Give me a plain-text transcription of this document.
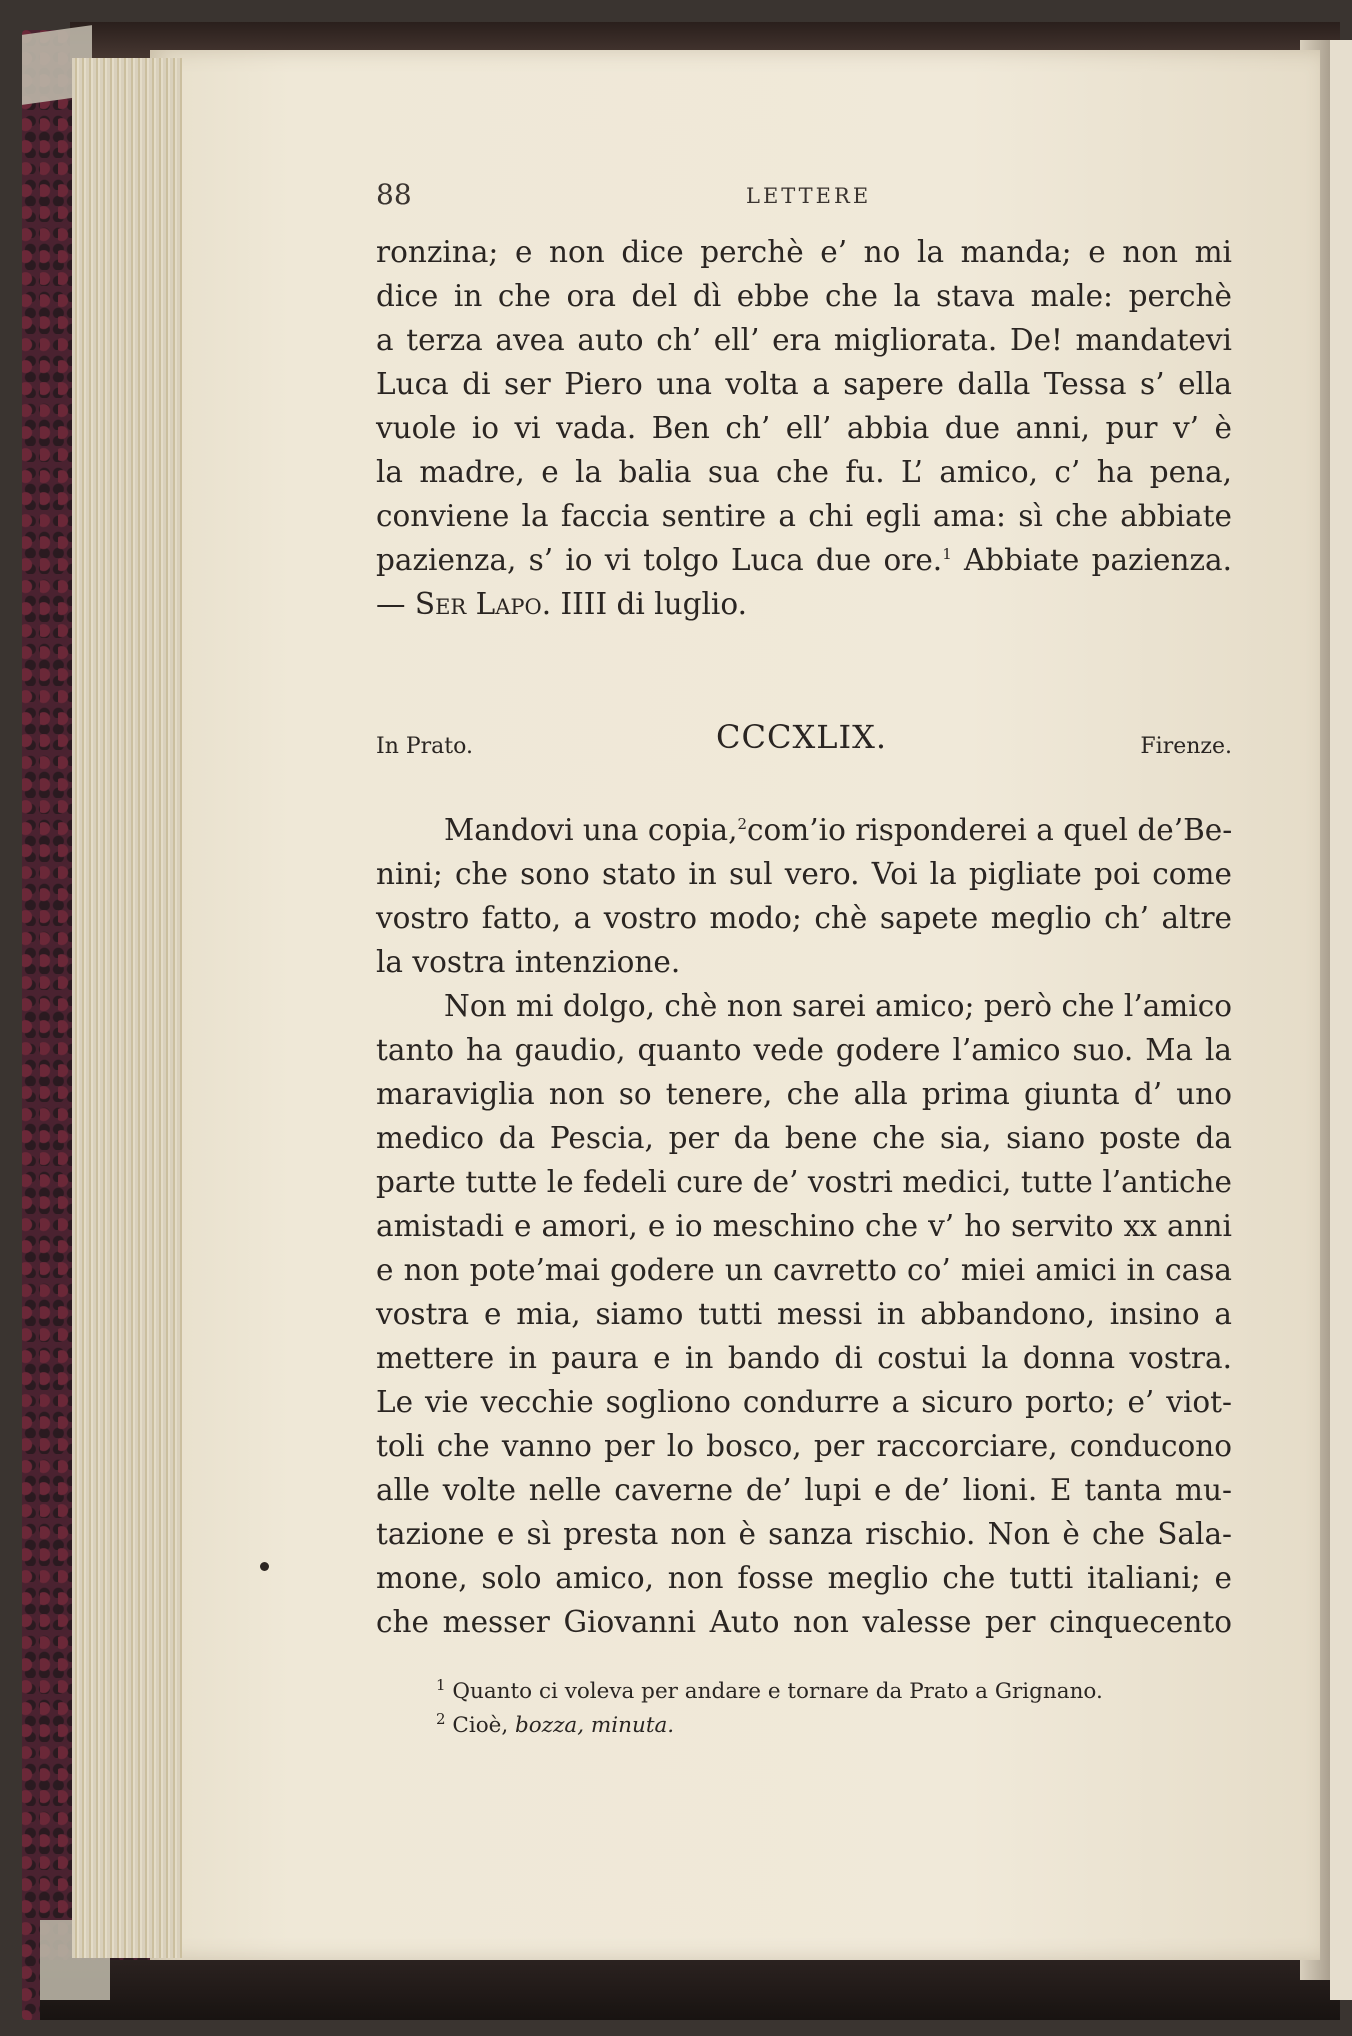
88	LETTERE
ronzina; e non dice perchè e’ no la manda; e non mi
dice in che ora del dì ebbe che la stava male: perchè
a terza avea auto ch’ ell’ era migliorata. De! mandatevi
Luca di ser Piero una volta a sapere dalla Tessa s’ ella
vuole io vi vada. Ben ch’ ell’ abbia due anni, pur v’ è
la madre, e la balia sua che fu. L’ amico, c’ ha pena,
conviene la faccia sentire a chi egli ama: sì che abbiate
pazienza, s’ io vi tolgo Luca due ore.$^1$ Abbiate pazienza.
— Ser Lapo. IIII di luglio.
In Prato.	CCCXLIX.	Firenze.
Mandovi una copia,$^2$com’io risponderei a quel de’Be-
nini; che sono stato in sul vero. Voi la pigliate poi come
vostro fatto, a vostro modo; chè sapete meglio ch’ altre
la vostra intenzione.
Non mi dolgo, chè non sarei amico; però che l’amico
tanto ha gaudio, quanto vede godere l’amico suo. Ma la
maraviglia non so tenere, che alla prima giunta d’ uno
medico da Pescia, per da bene che sia, siano poste da
parte tutte le fedeli cure de’ vostri medici, tutte l’antiche
amistadi e amori, e io meschino che v’ ho servito xx anni
e non pote’mai godere un cavretto co’ miei amici in casa
vostra e mia, siamo tutti messi in abbandono, insino a
mettere in paura e in bando di costui la donna vostra.
Le vie vecchie sogliono condurre a sicuro porto; e’ viot-
toli che vanno per lo bosco, per raccorciare, conducono
alle volte nelle caverne de’ lupi e de’ lioni. E tanta mu-
tazione e sì presta non è sanza rischio. Non è che Sala-
mone, solo amico, non fosse meglio che tutti italiani; e
che messer Giovanni Auto non valesse per cinquecento
$^1$ Quanto ci voleva per andare e tornare da Prato a Grignano.
$^2$ Cioè, bozza, minuta.
